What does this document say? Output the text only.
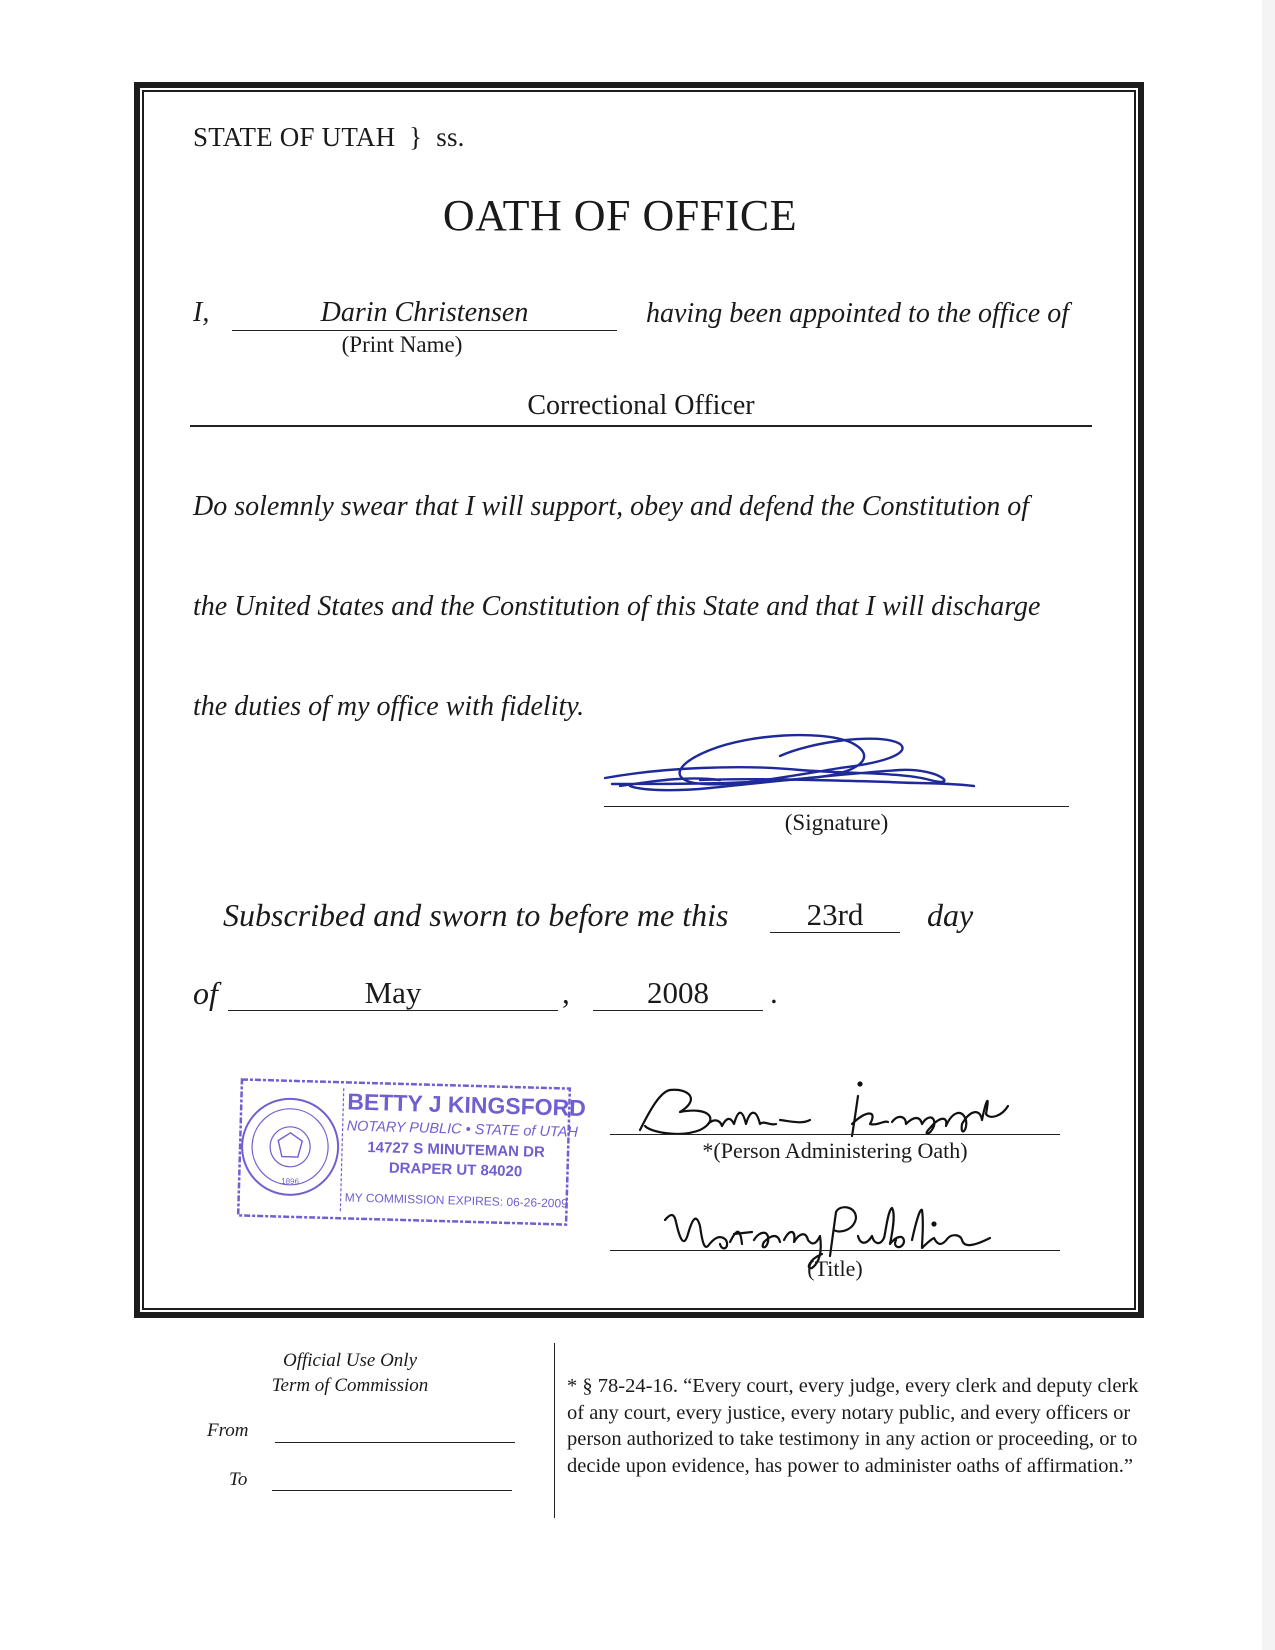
STATE OF UTAH  }  ss.
OATH OF OFFICE
I,	Darin Christensen
(Print Name)
having been appointed to the office of
Correctional Officer
Do solemnly swear that I will support, obey and defend the Constitution of
the United States and the Constitution of this State and that I will discharge
the duties of my office with fidelity.
(Signature)
Subscribed and sworn to before me this	23rd	day
of	May	,	2008	.
BETTY J KINGSFORD
NOTARY PUBLIC • STATE of UTAH
14727 S MINUTEMAN DR
DRAPER UT 84020
MY COMMISSION EXPIRES: 06-26-2009
1896
*(Person Administering Oath)
(Title)
Official Use Only
Term of Commission
From
To
* § 78-24-16. “Every court, every judge, every clerk and deputy clerk of any court, every justice, every notary public, and every officers or person authorized to take testimony in any action or proceeding, or to decide upon evidence, has power to administer oaths of affirmation.”
